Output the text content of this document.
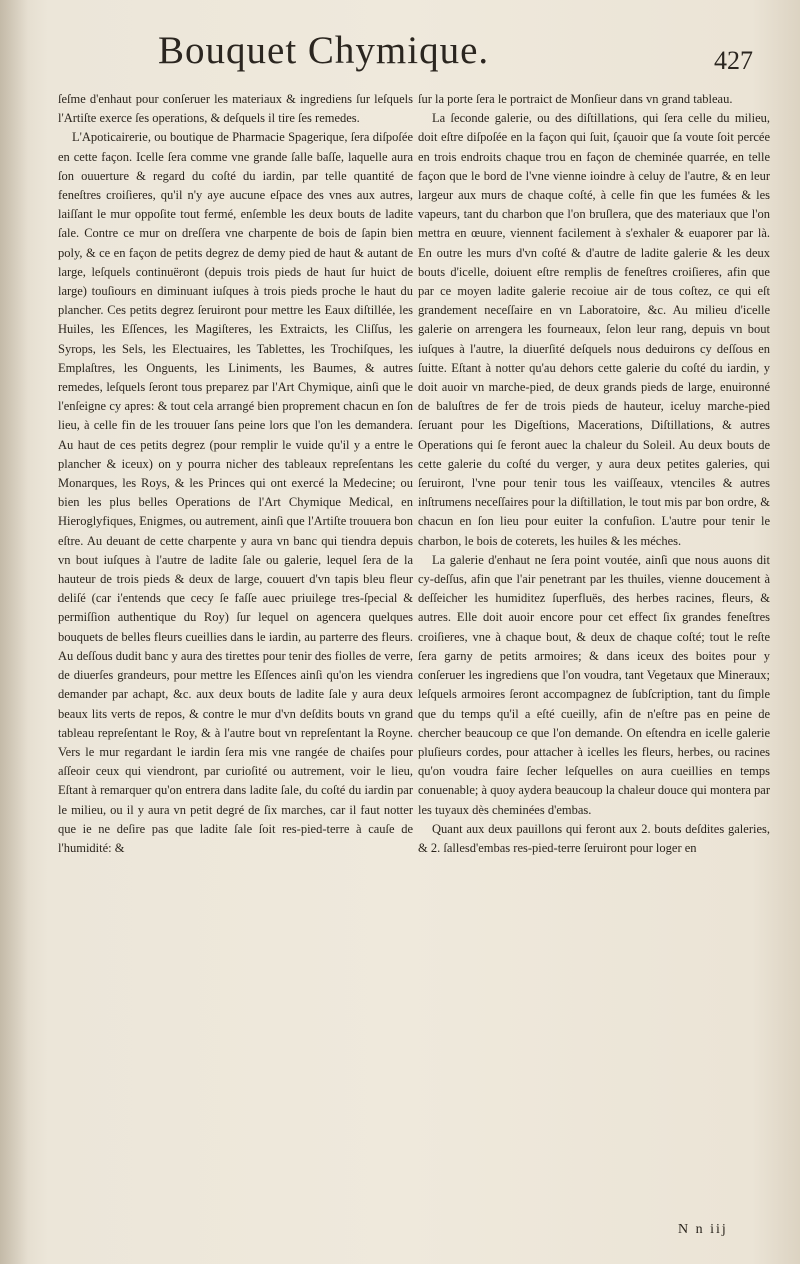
Bouquet Chymique.	427

ſeſme d'enhaut pour conſeruer les materiaux & ingrediens ſur leſquels l'Artiſte exerce ſes operations, & deſquels il tire ſes remedes.

L'Apoticairerie, ou boutique de Pharmacie Spagerique, ſera diſpoſée en cette façon. Icelle ſera comme vne grande ſalle baſſe, laquelle aura ſon ouuerture & regard du coſté du iardin, par telle quantité de feneſtres croiſieres, qu'il n'y aye aucune eſpace des vnes aux autres, laiſſant le mur oppoſite tout fermé, enſemble les deux bouts de ladite ſale. Contre ce mur on dreſſera vne charpente de bois de ſapin bien poly, & ce en façon de petits degrez de demy pied de haut & autant de large, leſquels continuëront (depuis trois pieds de haut ſur huict de large) touſiours en diminuant iuſques à trois pieds proche le haut du plancher. Ces petits degrez ſeruiront pour mettre les Eaux diſtillée, les Huiles, les Eſſences, les Magiſteres, les Extraicts, les Cliſſus, les Syrops, les Sels, les Electuaires, les Tablettes, les Trochiſques, les Emplaſtres, les Onguents, les Liniments, les Baumes, & autres remedes, leſquels ſeront tous preparez par l'Art Chymique, ainſi que le l'enſeigne cy apres: & tout cela arrangé bien proprement chacun en ſon lieu, à celle fin de les trouuer ſans peine lors que l'on les demandera. Au haut de ces petits degrez (pour remplir le vuide qu'il y a entre le plancher & iceux) on y pourra nicher des tableaux repreſentans les Monarques, les Roys, & les Princes qui ont exercé la Medecine; ou bien les plus belles Operations de l'Art Chymique Medical, en Hieroglyfiques, Enigmes, ou autrement, ainſi que l'Artiſte trouuera bon eſtre. Au deuant de cette charpente y aura vn banc qui tiendra depuis vn bout iuſques à l'autre de ladite ſale ou galerie, lequel ſera de la hauteur de trois pieds & deux de large, couuert d'vn tapis bleu fleur deliſé (car i'entends que cecy ſe faſſe auec priuilege tres-ſpecial & permiſſion authentique du Roy) ſur lequel on agencera quelques bouquets de belles fleurs cueillies dans le iardin, au parterre des fleurs. Au deſſous dudit banc y aura des tirettes pour tenir des fiolles de verre, de diuerſes grandeurs, pour mettre les Eſſences ainſi qu'on les viendra demander par achapt, &c. aux deux bouts de ladite ſale y aura deux beaux lits verts de repos, & contre le mur d'vn deſdits bouts vn grand tableau repreſentant le Roy, & à l'autre bout vn repreſentant la Royne. Vers le mur regardant le iardin ſera mis vne rangée de chaiſes pour aſſeoir ceux qui viendront, par curioſité ou autrement, voir le lieu, Eſtant à remarquer qu'on entrera dans ladite ſale, du coſté du iardin par le milieu, ou il y aura vn petit degré de ſix marches, car il faut notter que ie ne deſire pas que ladite ſale ſoit res-pied-terre à cauſe de l'humidité: &

ſur la porte ſera le portraict de Monſieur dans vn grand tableau.

La ſeconde galerie, ou des diſtillations, qui ſera celle du milieu, doit eſtre diſpoſée en la façon qui ſuit, ſçauoir que ſa voute ſoit percée en trois endroits chaque trou en façon de cheminée quarrée, en telle façon que le bord de l'vne vienne ioindre à celuy de l'autre, & en leur largeur aux murs de chaque coſté, à celle fin que les fumées & les vapeurs, tant du charbon que l'on bruſlera, que des materiaux que l'on mettra en œuure, viennent facilement à s'exhaler & euaporer par là. En outre les murs d'vn coſté & d'autre de ladite galerie & les deux bouts d'icelle, doiuent eſtre remplis de feneſtres croiſieres, afin que par ce moyen ladite galerie recoiue air de tous coſtez, ce qui eſt grandement neceſſaire en vn Laboratoire, &c. Au milieu d'icelle galerie on arrengera les fourneaux, ſelon leur rang, depuis vn bout iuſques à l'autre, la diuerſité deſquels nous deduirons cy deſſous en ſuitte. Eſtant à notter qu'au dehors cette galerie du coſté du iardin, y doit auoir vn marche-pied, de deux grands pieds de large, enuironné de baluſtres de fer de trois pieds de hauteur, iceluy marche-pied ſeruant pour les Digeſtions, Macerations, Diſtillations, & autres Operations qui ſe feront auec la chaleur du Soleil. Au deux bouts de cette galerie du coſté du verger, y aura deux petites galeries, qui ſeruiront, l'vne pour tenir tous les vaiſſeaux, vtenciles & autres inſtrumens neceſſaires pour la diſtillation, le tout mis par bon ordre, & chacun en ſon lieu pour euiter la confuſion. L'autre pour tenir le charbon, le bois de coterets, les huiles & les méches.

La galerie d'enhaut ne ſera point voutée, ainſi que nous auons dit cy-deſſus, afin que l'air penetrant par les thuiles, vienne doucement à deſſeicher les humiditez ſuperfluës, des herbes racines, fleurs, & autres. Elle doit auoir encore pour cet effect ſix grandes feneſtres croiſieres, vne à chaque bout, & deux de chaque coſté; tout le reſte ſera garny de petits armoires; & dans iceux des boites pour y conſeruer les ingrediens que l'on voudra, tant Vegetaux que Mineraux; leſquels armoires ſeront accompagnez de ſubſcription, tant du ſimple que du temps qu'il a eſté cueilly, afin de n'eſtre pas en peine de chercher beaucoup ce que l'on demande. On eſtendra en icelle galerie pluſieurs cordes, pour attacher à icelles les fleurs, herbes, ou racines qu'on voudra faire ſecher leſquelles on aura cueillies en temps conuenable; à quoy aydera beaucoup la chaleur douce qui montera par les tuyaux dès cheminées d'embas.

Quant aux deux pauillons qui feront aux 2. bouts deſdites galeries, & 2. ſallesd'embas res-pied-terre ſeruiront pour loger en

N n iij
